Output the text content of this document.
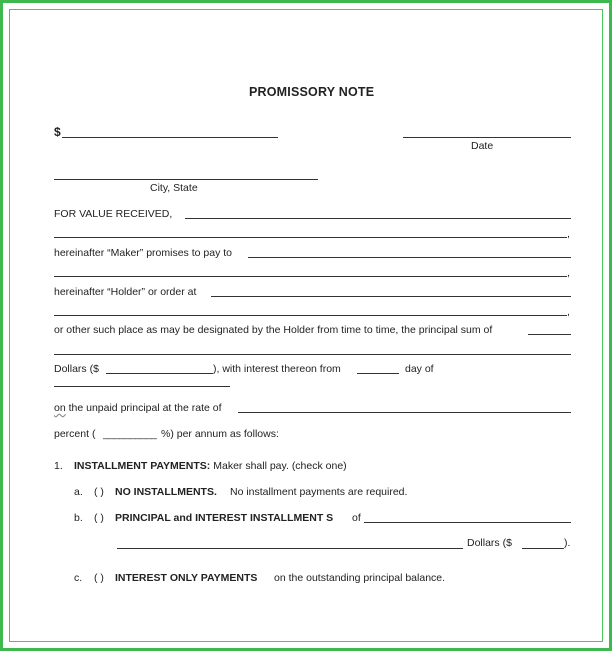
PROMISSORY NOTE
$
Date
City, State
FOR VALUE RECEIVED,
,
hereinafter “Maker” promises to pay to
,
hereinafter “Holder” or order at
,
or other such place as may be designated by the Holder from time to time, the principal sum of
Dollars ($	), with interest thereon from	day of
on the unpaid principal at the rate of
percent ( __________ %) per annum as follows:
1. INSTALLMENT PAYMENTS: Maker shall pay. (check one)
a. ( ) NO INSTALLMENTS. No installment payments are required.
b. ( ) PRINCIPAL and INTEREST INSTALLMENT S of
Dollars ($	).
c. ( ) INTEREST ONLY PAYMENTS on the outstanding principal balance.
